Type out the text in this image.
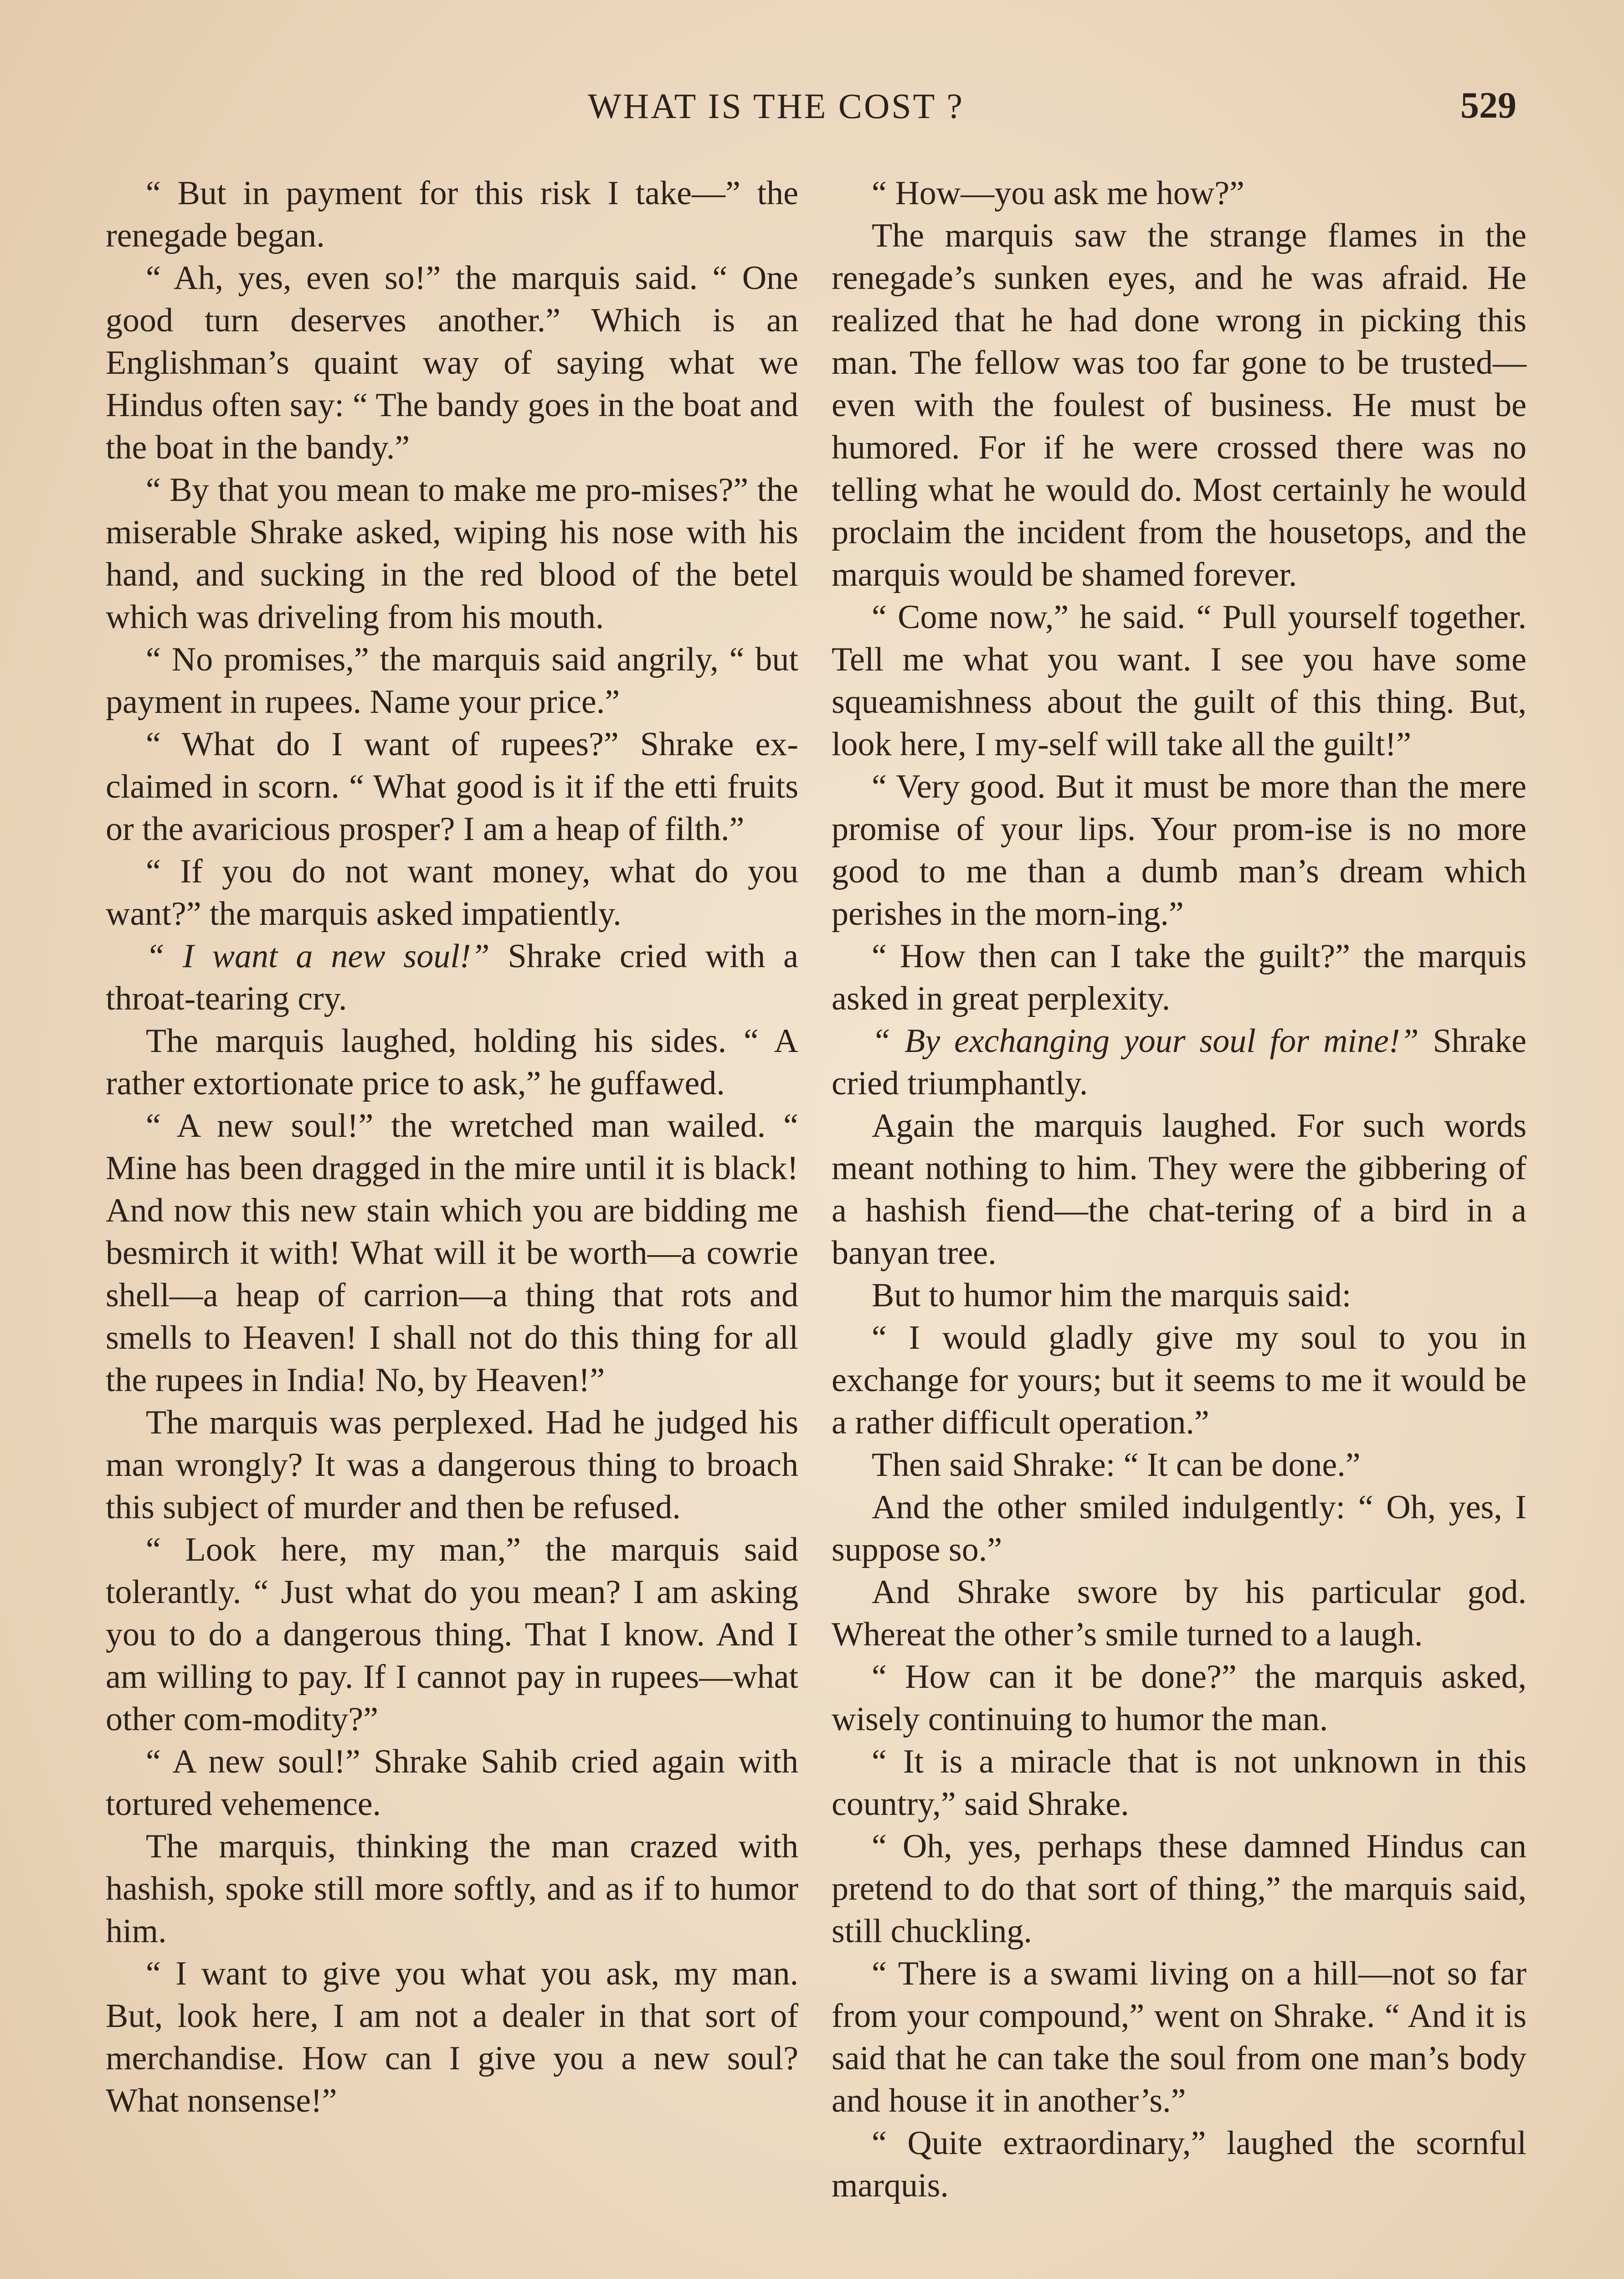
WHAT IS THE COST ?	529

“ But in payment for this risk I take—” the renegade began.

“ Ah, yes, even so!” the marquis said. “ One good turn deserves another.” Which is an Englishman’s quaint way of saying what we Hindus often say: “ The bandy goes in the boat and the boat in the bandy.”

“ By that you mean to make me pro-mises?” the miserable Shrake asked, wiping his nose with his hand, and sucking in the red blood of the betel which was driveling from his mouth.

“ No promises,” the marquis said angrily, “ but payment in rupees. Name your price.”

“ What do I want of rupees?” Shrake ex-claimed in scorn. “ What good is it if the etti fruits or the avaricious prosper? I am a heap of filth.”

“ If you do not want money, what do you want?” the marquis asked impatiently.

“ I want a new soul!” Shrake cried with a throat-tearing cry.

The marquis laughed, holding his sides. “ A rather extortionate price to ask,” he guffawed.

“ A new soul!” the wretched man wailed. “ Mine has been dragged in the mire until it is black! And now this new stain which you are bidding me besmirch it with! What will it be worth—a cowrie shell—a heap of carrion—a thing that rots and smells to Heaven! I shall not do this thing for all the rupees in India! No, by Heaven!”

The marquis was perplexed. Had he judged his man wrongly? It was a dangerous thing to broach this subject of murder and then be refused.

“ Look here, my man,” the marquis said tolerantly. “ Just what do you mean? I am asking you to do a dangerous thing. That I know. And I am willing to pay. If I cannot pay in rupees—what other com-modity?”

“ A new soul!” Shrake Sahib cried again with tortured vehemence.

The marquis, thinking the man crazed with hashish, spoke still more softly, and as if to humor him.

“ I want to give you what you ask, my man. But, look here, I am not a dealer in that sort of merchandise. How can I give you a new soul? What nonsense!”

“ How—you ask me how?”

The marquis saw the strange flames in the renegade’s sunken eyes, and he was afraid. He realized that he had done wrong in picking this man. The fellow was too far gone to be trusted—even with the foulest of business. He must be humored. For if he were crossed there was no telling what he would do. Most certainly he would proclaim the incident from the housetops, and the marquis would be shamed forever.

“ Come now,” he said. “ Pull yourself together. Tell me what you want. I see you have some squeamishness about the guilt of this thing. But, look here, I my-self will take all the guilt!”

“ Very good. But it must be more than the mere promise of your lips. Your prom-ise is no more good to me than a dumb man’s dream which perishes in the morn-ing.”

“ How then can I take the guilt?” the marquis asked in great perplexity.

“ By exchanging your soul for mine!” Shrake cried triumphantly.

Again the marquis laughed. For such words meant nothing to him. They were the gibbering of a hashish fiend—the chat-tering of a bird in a banyan tree.

But to humor him the marquis said:

“ I would gladly give my soul to you in exchange for yours; but it seems to me it would be a rather difficult operation.”

Then said Shrake: “ It can be done.”

And the other smiled indulgently: “ Oh, yes, I suppose so.”

And Shrake swore by his particular god. Whereat the other’s smile turned to a laugh.

“ How can it be done?” the marquis asked, wisely continuing to humor the man.

“ It is a miracle that is not unknown in this country,” said Shrake.

“ Oh, yes, perhaps these damned Hindus can pretend to do that sort of thing,” the marquis said, still chuckling.

“ There is a swami living on a hill—not so far from your compound,” went on Shrake. “ And it is said that he can take the soul from one man’s body and house it in another’s.”

“ Quite extraordinary,” laughed the scornful marquis.
